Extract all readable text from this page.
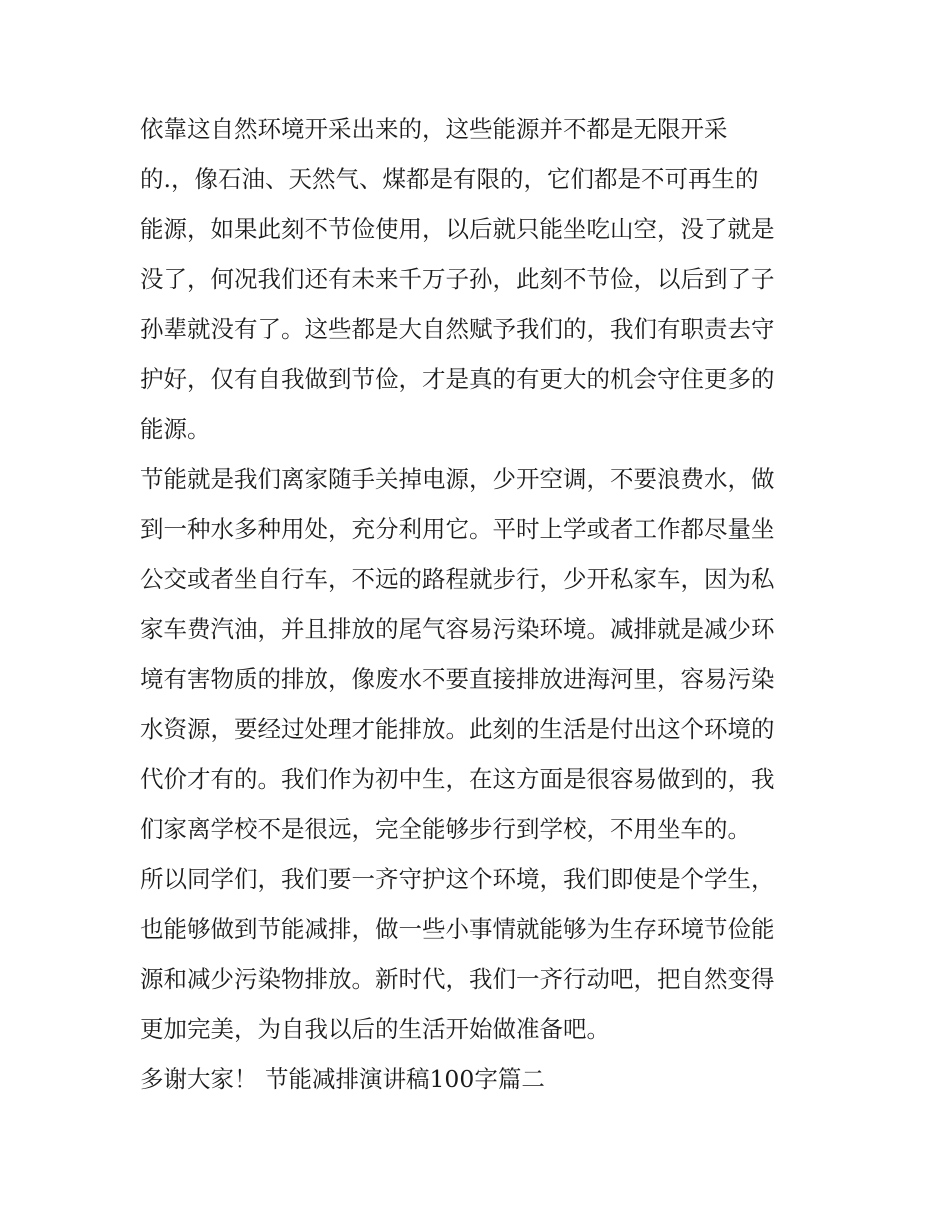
依靠这自然环境开采出来的，这些能源并不都是无限开采
的.，像石油、天然气、煤都是有限的，它们都是不可再生的
能源，如果此刻不节俭使用，以后就只能坐吃山空，没了就是
没了，何况我们还有未来千万子孙，此刻不节俭，以后到了子
孙辈就没有了。这些都是大自然赋予我们的，我们有职责去守
护好，仅有自我做到节俭，才是真的有更大的机会守住更多的
能源。
节能就是我们离家随手关掉电源，少开空调，不要浪费水，做
到一种水多种用处，充分利用它。平时上学或者工作都尽量坐
公交或者坐自行车，不远的路程就步行，少开私家车，因为私
家车费汽油，并且排放的尾气容易污染环境。减排就是减少环
境有害物质的排放，像废水不要直接排放进海河里，容易污染
水资源，要经过处理才能排放。此刻的生活是付出这个环境的
代价才有的。我们作为初中生，在这方面是很容易做到的，我
们家离学校不是很远，完全能够步行到学校，不用坐车的。
所以同学们，我们要一齐守护这个环境，我们即使是个学生，
也能够做到节能减排，做一些小事情就能够为生存环境节俭能
源和减少污染物排放。新时代，我们一齐行动吧，把自然变得
更加完美，为自我以后的生活开始做准备吧。
多谢大家！ 节能减排演讲稿100字篇二
